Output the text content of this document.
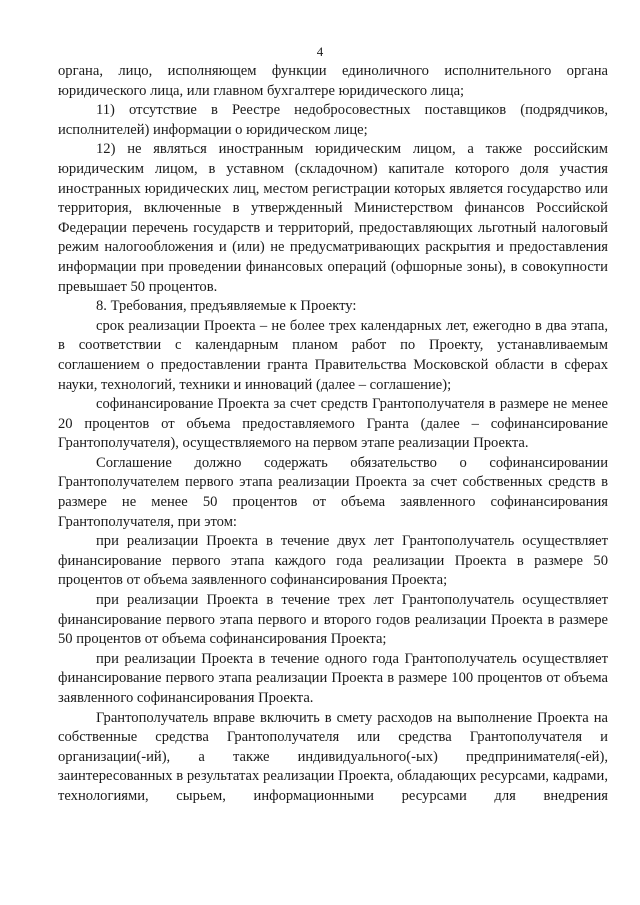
4

органа, лицо, исполняющем функции единоличного исполнительного органа юридического лица, или главном бухгалтере юридического лица;

11) отсутствие в Реестре недобросовестных поставщиков (подрядчиков, исполнителей) информации о юридическом лице;

12) не являться иностранным юридическим лицом, а также российским юридическим лицом, в уставном (складочном) капитале которого доля участия иностранных юридических лиц, местом регистрации которых является государство или территория, включенные в утвержденный Министерством финансов Российской Федерации перечень государств и территорий, предоставляющих льготный налоговый режим налогообложения и (или) не предусматривающих раскрытия и предоставления информации при проведении финансовых операций (офшорные зоны), в совокупности превышает 50 процентов.

8. Требования, предъявляемые к Проекту:

срок реализации Проекта – не более трех календарных лет, ежегодно в два этапа, в соответствии с календарным планом работ по Проекту, устанавливаемым соглашением о предоставлении гранта Правительства Московской области в сферах науки, технологий, техники и инноваций (далее – соглашение);

софинансирование Проекта за счет средств Грантополучателя в размере не менее 20 процентов от объема предоставляемого Гранта (далее – софинансирование Грантополучателя), осуществляемого на первом этапе реализации Проекта.

Соглашение должно содержать обязательство о софинансировании Грантополучателем первого этапа реализации Проекта за счет собственных средств в размере не менее 50 процентов от объема заявленного софинансирования Грантополучателя, при этом:

при реализации Проекта в течение двух лет Грантополучатель осуществляет финансирование первого этапа каждого года реализации Проекта в размере 50 процентов от объема заявленного софинансирования Проекта;

при реализации Проекта в течение трех лет Грантополучатель осуществляет финансирование первого этапа первого и второго годов реализации Проекта в размере 50 процентов от объема софинансирования Проекта;

при реализации Проекта в течение одного года Грантополучатель осуществляет финансирование первого этапа реализации Проекта в размере 100 процентов от объема заявленного софинансирования Проекта.

Грантополучатель вправе включить в смету расходов на выполнение Проекта на собственные средства Грантополучателя или средства Грантополучателя и организации(-ий), а также индивидуального(-ых) предпринимателя(-ей), заинтересованных в результатах реализации Проекта, обладающих ресурсами, кадрами, технологиями, сырьем, информационными ресурсами для внедрения
